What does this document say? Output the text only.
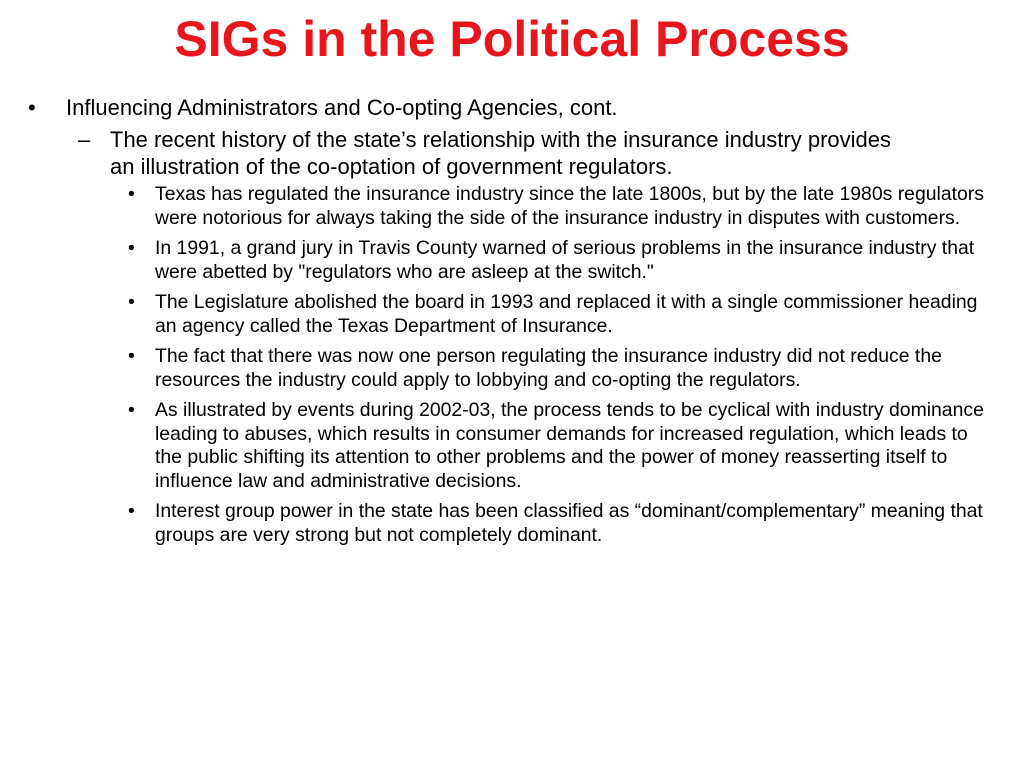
SIGs in the Political Process
• Influencing Administrators and Co-opting Agencies, cont.
– The recent history of the state’s relationship with the insurance industry provides an illustration of the co-optation of government regulators.
• Texas has regulated the insurance industry since the late 1800s, but by the late 1980s regulators were notorious for always taking the side of the insurance industry in disputes with customers.
• In 1991, a grand jury in Travis County warned of serious problems in the insurance industry that were abetted by "regulators who are asleep at the switch."
• The Legislature abolished the board in 1993 and replaced it with a single commissioner heading an agency called the Texas Department of Insurance.
• The fact that there was now one person regulating the insurance industry did not reduce the resources the industry could apply to lobbying and co-opting the regulators.
• As illustrated by events during 2002-03, the process tends to be cyclical with industry dominance leading to abuses, which results in consumer demands for increased regulation, which leads to the public shifting its attention to other problems and the power of money reasserting itself to influence law and administrative decisions.
• Interest group power in the state has been classified as “dominant/complementary” meaning that groups are very strong but not completely dominant.
